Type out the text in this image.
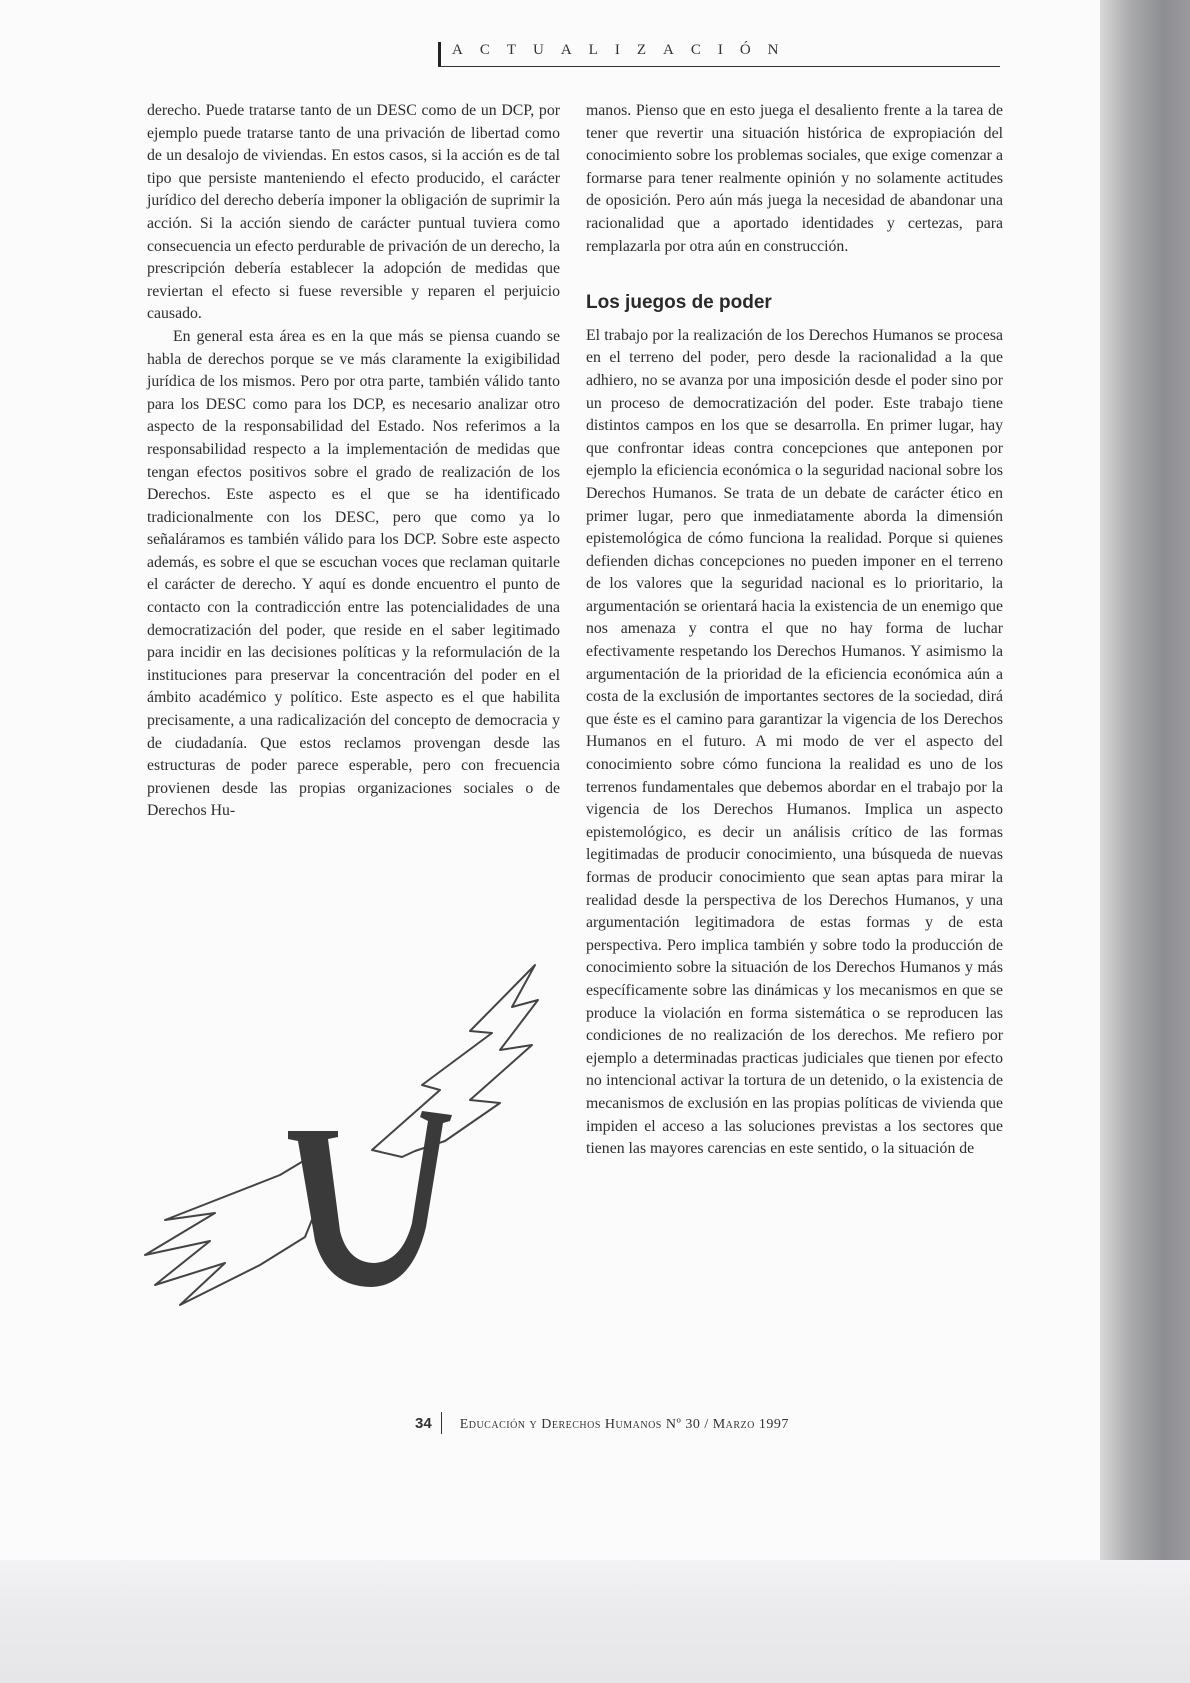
ACTUALIZACIÓN

derecho. Puede tratarse tanto de un DESC como de un DCP, por ejemplo puede tratarse tanto de una privación de libertad como de un desalojo de viviendas. En estos casos, si la acción es de tal tipo que persiste manteniendo el efecto producido, el carácter jurídico del derecho debería imponer la obligación de suprimir la acción. Si la acción siendo de carácter puntual tuviera como consecuencia un efecto perdurable de privación de un derecho, la prescripción debería establecer la adopción de medidas que reviertan el efecto si fuese reversible y reparen el perjuicio causado.

En general esta área es en la que más se piensa cuando se habla de derechos porque se ve más claramente la exigibilidad jurídica de los mismos. Pero por otra parte, también válido tanto para los DESC como para los DCP, es necesario analizar otro aspecto de la responsabilidad del Estado. Nos referimos a la responsabilidad respecto a la implementación de medidas que tengan efectos positivos sobre el grado de realización de los Derechos. Este aspecto es el que se ha identificado tradicionalmente con los DESC, pero que como ya lo señaláramos es también válido para los DCP. Sobre este aspecto además, es sobre el que se escuchan voces que reclaman quitarle el carácter de derecho. Y aquí es donde encuentro el punto de contacto con la contradicción entre las potencialidades de una democratización del poder, que reside en el saber legitimado para incidir en las decisiones políticas y la reformulación de la instituciones para preservar la concentración del poder en el ámbito académico y político. Este aspecto es el que habilita precisamente, a una radicalización del concepto de democracia y de ciudadanía. Que estos reclamos provengan desde las estructuras de poder parece esperable, pero con frecuencia provienen desde las propias organizaciones sociales o de Derechos Hu-

manos. Pienso que en esto juega el desaliento frente a la tarea de tener que revertir una situación histórica de expropiación del conocimiento sobre los problemas sociales, que exige comenzar a formarse para tener realmente opinión y no solamente actitudes de oposición. Pero aún más juega la necesidad de abandonar una racionalidad que a aportado identidades y certezas, para remplazarla por otra aún en construcción.

Los juegos de poder

El trabajo por la realización de los Derechos Humanos se procesa en el terreno del poder, pero desde la racionalidad a la que adhiero, no se avanza por una imposición desde el poder sino por un proceso de democratización del poder. Este trabajo tiene distintos campos en los que se desarrolla. En primer lugar, hay que confrontar ideas contra concepciones que anteponen por ejemplo la eficiencia económica o la seguridad nacional sobre los Derechos Humanos. Se trata de un debate de carácter ético en primer lugar, pero que inmediatamente aborda la dimensión epistemológica de cómo funciona la realidad. Porque si quienes defienden dichas concepciones no pueden imponer en el terreno de los valores que la seguridad nacional es lo prioritario, la argumentación se orientará hacia la existencia de un enemigo que nos amenaza y contra el que no hay forma de luchar efectivamente respetando los Derechos Humanos. Y asimismo la argumentación de la prioridad de la eficiencia económica aún a costa de la exclusión de importantes sectores de la sociedad, dirá que éste es el camino para garantizar la vigencia de los Derechos Humanos en el futuro. A mi modo de ver el aspecto del conocimiento sobre cómo funciona la realidad es uno de los terrenos fundamentales que debemos abordar en el trabajo por la vigencia de los Derechos Humanos. Implica un aspecto epistemológico, es decir un análisis crítico de las formas legitimadas de producir conocimiento, una búsqueda de nuevas formas de producir conocimiento que sean aptas para mirar la realidad desde la perspectiva de los Derechos Humanos, y una argumentación legitimadora de estas formas y de esta perspectiva. Pero implica también y sobre todo la producción de conocimiento sobre la situación de los Derechos Humanos y más específicamente sobre las dinámicas y los mecanismos en que se produce la violación en forma sistemática o se reproducen las condiciones de no realización de los derechos. Me refiero por ejemplo a determinadas practicas judiciales que tienen por efecto no intencional activar la tortura de un detenido, o la existencia de mecanismos de exclusión en las propias políticas de vivienda que impiden el acceso a las soluciones previstas a los sectores que tienen las mayores carencias en este sentido, o la situación de

34 Educación y Derechos Humanos Nº 30 / Marzo 1997
